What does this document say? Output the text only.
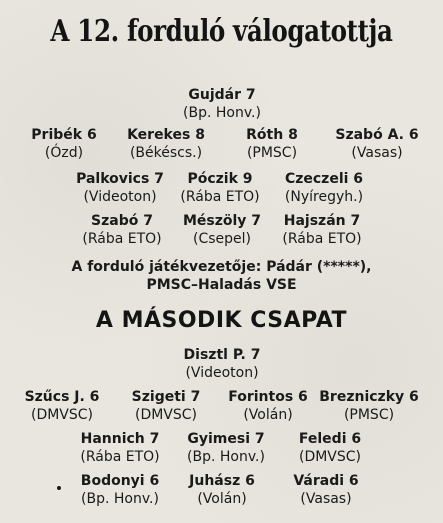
A 12. forduló válogatottja
Gujdár 7
(Bp. Honv.)
Pribék 6
(Ózd)
Kerekes 8
(Békéscs.)
Róth 8
(PMSC)
Szabó A. 6
(Vasas)
Palkovics 7
(Videoton)
Póczik 9
(Rába ETO)
Czeczeli 6
(Nyíregyh.)
Szabó 7
(Rába ETO)
Mészöly 7
(Csepel)
Hajszán 7
(Rába ETO)
A forduló játékvezetője: Pádár (*****),
PMSC–Haladás VSE
A MÁSODIK CSAPAT
Disztl P. 7
(Videoton)
Szűcs J. 6
(DMVSC)
Szigeti 7
(DMVSC)
Forintos 6
(Volán)
Brezniczky 6
(PMSC)
Hannich 7
(Rába ETO)
Gyimesi 7
(Bp. Honv.)
Feledi 6
(DMVSC)
Bodonyi 6
(Bp. Honv.)
Juhász 6
(Volán)
Váradi 6
(Vasas)
